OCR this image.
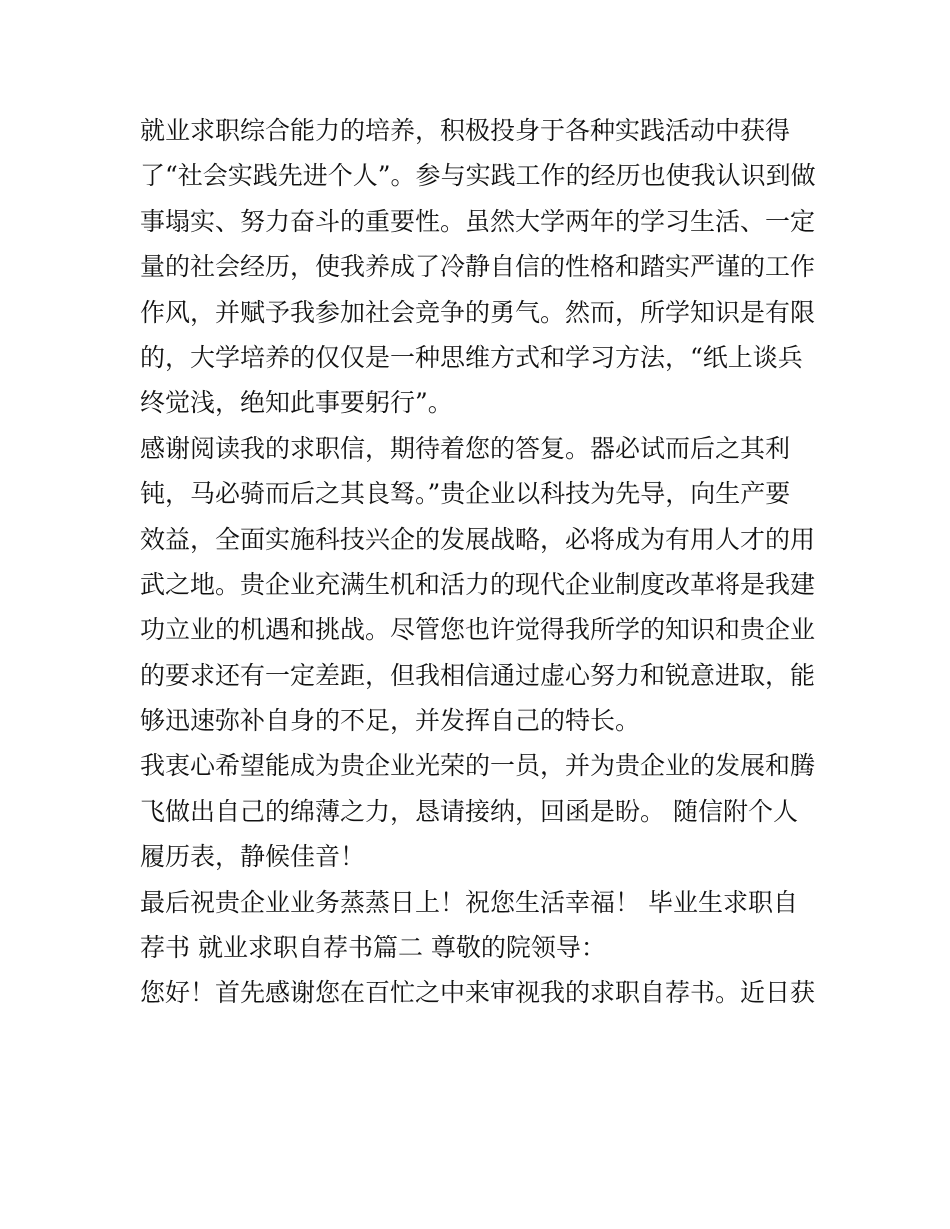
就业求职综合能力的培养，积极投身于各种实践活动中获得
了“社会实践先进个人”。参与实践工作的经历也使我认识到做
事塌实、努力奋斗的重要性。虽然大学两年的学习生活、一定
量的社会经历，使我养成了冷静自信的性格和踏实严谨的工作
作风，并赋予我参加社会竞争的勇气。然而，所学知识是有限
的，大学培养的仅仅是一种思维方式和学习方法，“纸上谈兵
终觉浅，绝知此事要躬行”。
感谢阅读我的求职信，期待着您的答复。器必试而后之其利
钝，马必骑而后之其良驽。”贵企业以科技为先导，向生产要
效益，全面实施科技兴企的发展战略，必将成为有用人才的用
武之地。贵企业充满生机和活力的现代企业制度改革将是我建
功立业的机遇和挑战。尽管您也许觉得我所学的知识和贵企业
的要求还有一定差距，但我相信通过虚心努力和锐意进取，能
够迅速弥补自身的不足，并发挥自己的特长。
我衷心希望能成为贵企业光荣的一员，并为贵企业的发展和腾
飞做出自己的绵薄之力，恳请接纳，回函是盼。 随信附个人
履历表，静候佳音！
最后祝贵企业业务蒸蒸日上！祝您生活幸福！ 毕业生求职自
荐书 就业求职自荐书篇二 尊敬的院领导：
您好！首先感谢您在百忙之中来审视我的求职自荐书。近日获
